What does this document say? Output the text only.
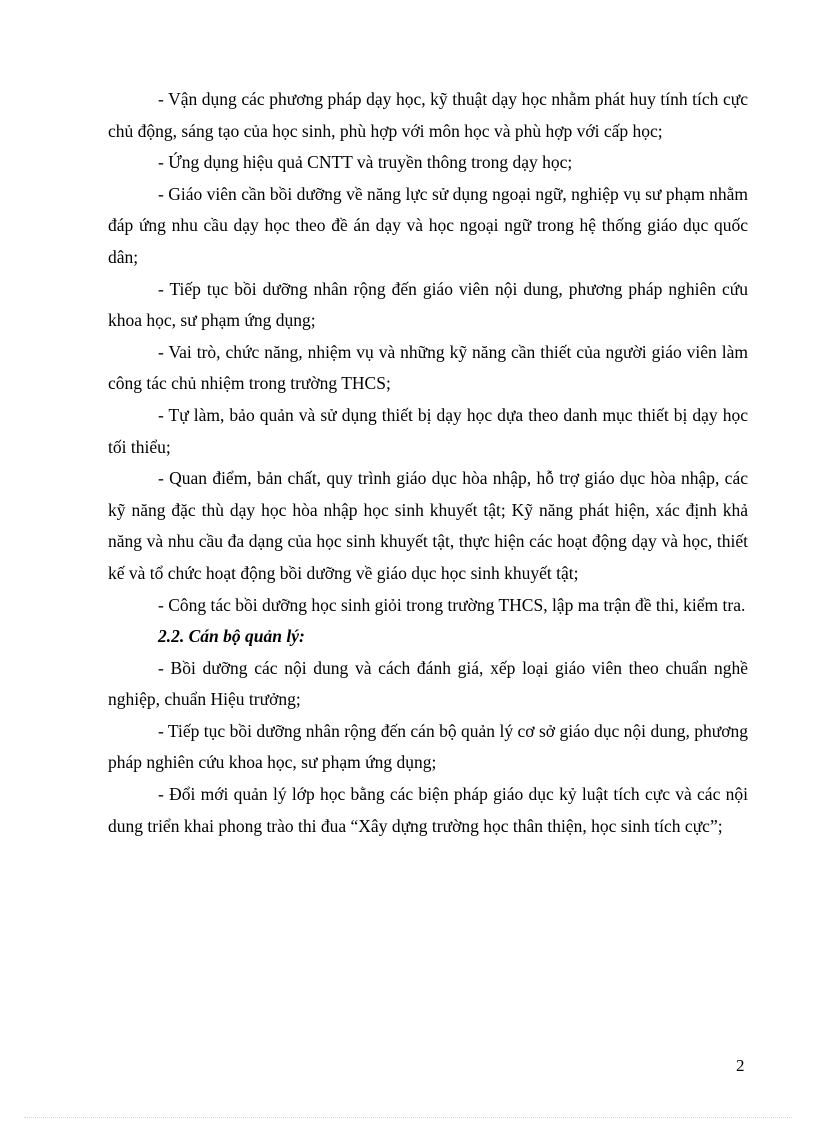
- Vận dụng các phương pháp dạy học, kỹ thuật dạy học nhằm phát huy tính tích cực chủ động, sáng tạo của học sinh, phù hợp với môn học và phù hợp với cấp học;

- Ứng dụng hiệu quả CNTT và truyền thông trong dạy học;

- Giáo viên cần bồi dưỡng về năng lực sử dụng ngoại ngữ, nghiệp vụ sư phạm nhằm đáp ứng nhu cầu dạy học theo đề án dạy và học ngoại ngữ trong hệ thống giáo dục quốc dân;

- Tiếp tục bồi dưỡng nhân rộng đến giáo viên nội dung, phương pháp nghiên cứu khoa học, sư phạm ứng dụng;

- Vai trò, chức năng, nhiệm vụ và những kỹ năng cần thiết của người giáo viên làm công tác chủ nhiệm trong trường THCS;

- Tự làm, bảo quản và sử dụng thiết bị dạy học dựa theo danh mục thiết bị dạy học tối thiểu;

- Quan điểm, bản chất, quy trình giáo dục hòa nhập, hỗ trợ giáo dục hòa nhập, các kỹ năng đặc thù dạy học hòa nhập học sinh khuyết tật; Kỹ năng phát hiện, xác định khả năng và nhu cầu đa dạng của học sinh khuyết tật, thực hiện các hoạt động dạy và học, thiết kế và tổ chức hoạt động bồi dưỡng về giáo dục học sinh khuyết tật;

- Công tác bồi dưỡng học sinh giỏi trong trường THCS, lập ma trận đề thi, kiểm tra.

2.2. Cán bộ quản lý:

- Bồi dưỡng các nội dung và cách đánh giá, xếp loại giáo viên theo chuẩn nghề nghiệp, chuẩn Hiệu trưởng;

- Tiếp tục bồi dưỡng nhân rộng đến cán bộ quản lý cơ sở giáo dục nội dung, phương pháp nghiên cứu khoa học, sư phạm ứng dụng;

- Đổi mới quản lý lớp học bằng các biện pháp giáo dục kỷ luật tích cực và các nội dung triển khai phong trào thi đua “Xây dựng trường học thân thiện, học sinh tích cực”;

2
